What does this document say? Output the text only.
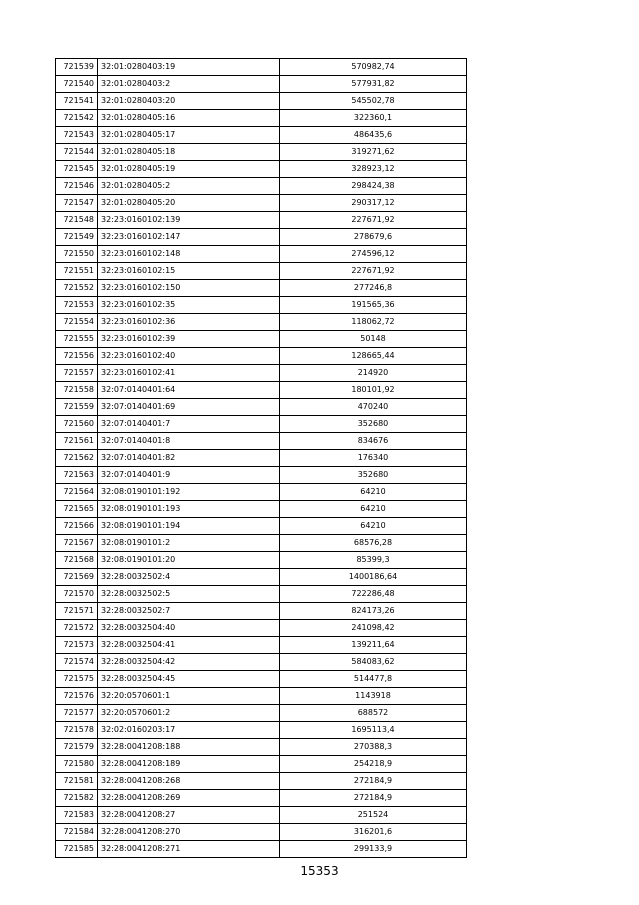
721539	32:01:0280403:19	570982,74
721540	32:01:0280403:2	577931,82
721541	32:01:0280403:20	545502,78
721542	32:01:0280405:16	322360,1
721543	32:01:0280405:17	486435,6
721544	32:01:0280405:18	319271,62
721545	32:01:0280405:19	328923,12
721546	32:01:0280405:2	298424,38
721547	32:01:0280405:20	290317,12
721548	32:23:0160102:139	227671,92
721549	32:23:0160102:147	278679,6
721550	32:23:0160102:148	274596,12
721551	32:23:0160102:15	227671,92
721552	32:23:0160102:150	277246,8
721553	32:23:0160102:35	191565,36
721554	32:23:0160102:36	118062,72
721555	32:23:0160102:39	50148
721556	32:23:0160102:40	128665,44
721557	32:23:0160102:41	214920
721558	32:07:0140401:64	180101,92
721559	32:07:0140401:69	470240
721560	32:07:0140401:7	352680
721561	32:07:0140401:8	834676
721562	32:07:0140401:82	176340
721563	32:07:0140401:9	352680
721564	32:08:0190101:192	64210
721565	32:08:0190101:193	64210
721566	32:08:0190101:194	64210
721567	32:08:0190101:2	68576,28
721568	32:08:0190101:20	85399,3
721569	32:28:0032502:4	1400186,64
721570	32:28:0032502:5	722286,48
721571	32:28:0032502:7	824173,26
721572	32:28:0032504:40	241098,42
721573	32:28:0032504:41	139211,64
721574	32:28:0032504:42	584083,62
721575	32:28:0032504:45	514477,8
721576	32:20:0570601:1	1143918
721577	32:20:0570601:2	688572
721578	32:02:0160203:17	1695113,4
721579	32:28:0041208:188	270388,3
721580	32:28:0041208:189	254218,9
721581	32:28:0041208:268	272184,9
721582	32:28:0041208:269	272184,9
721583	32:28:0041208:27	251524
721584	32:28:0041208:270	316201,6
721585	32:28:0041208:271	299133,9
15353
